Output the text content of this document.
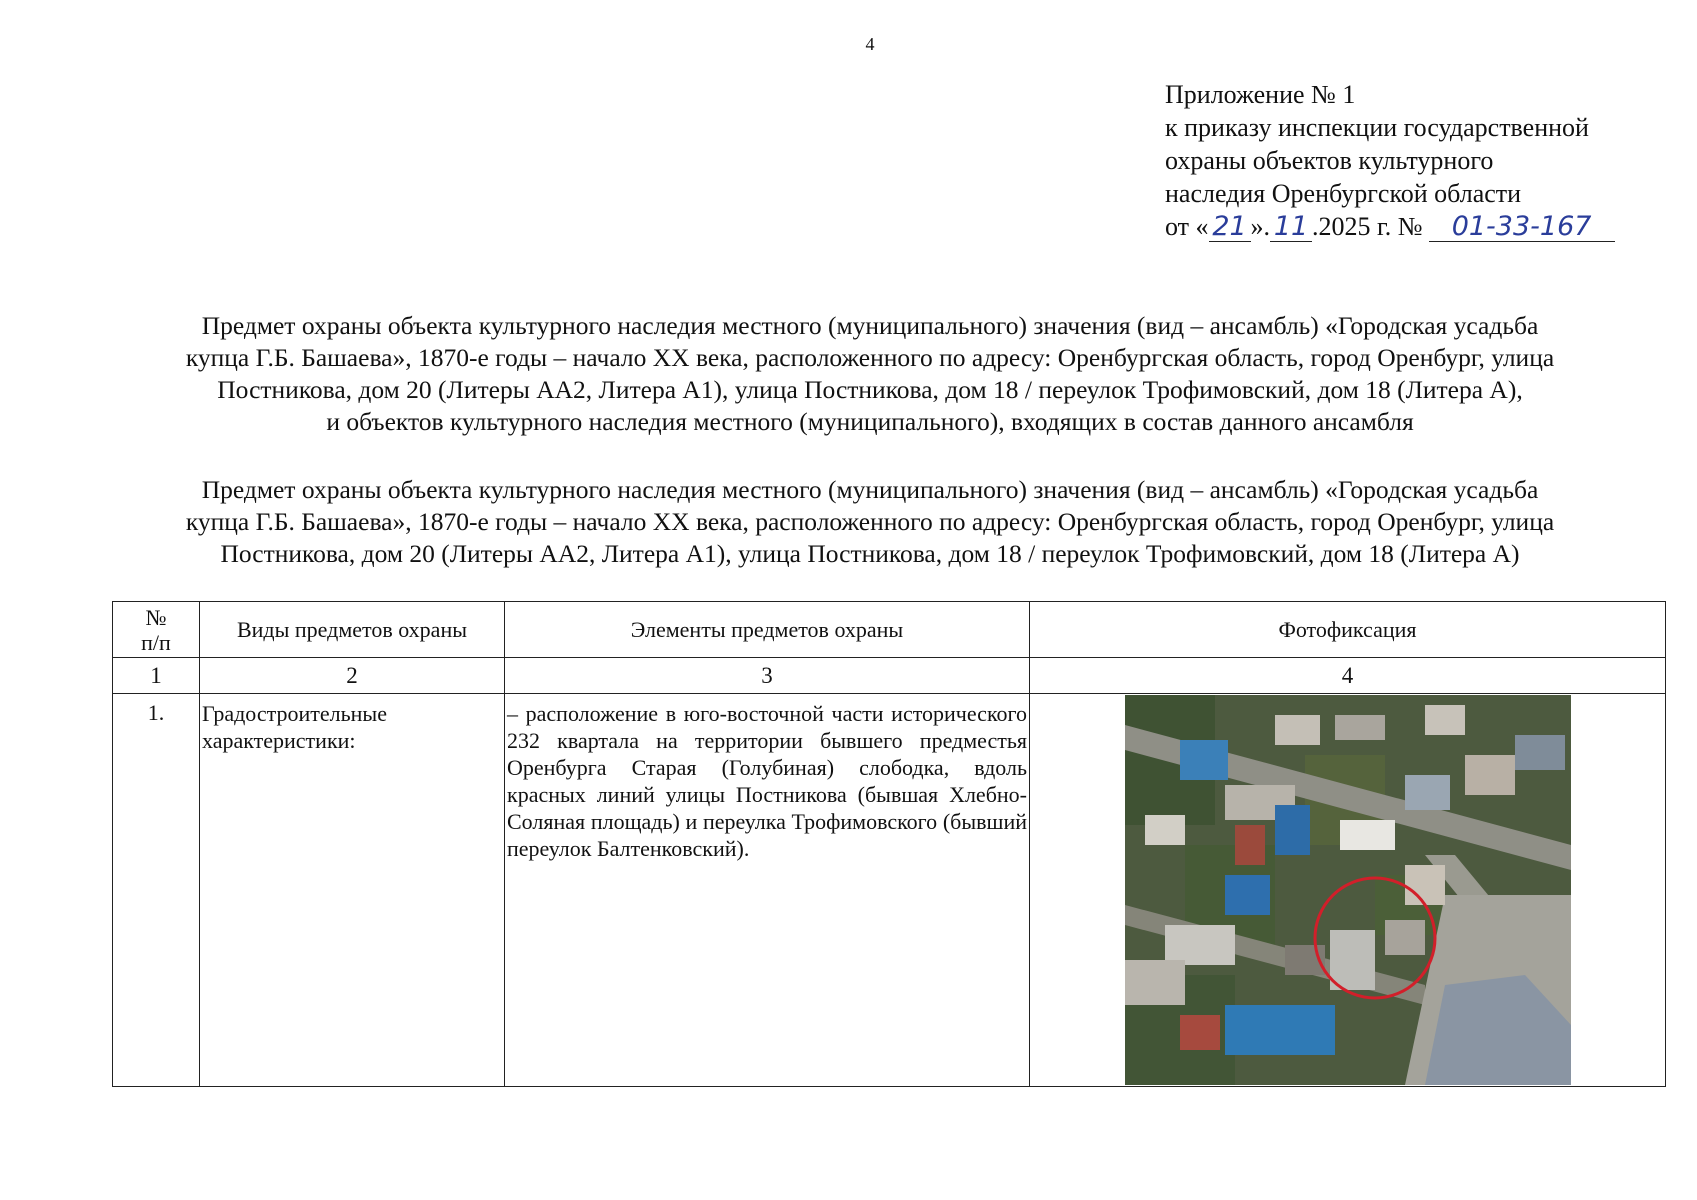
4
Приложение № 1
к приказу инспекции государственной
охраны объектов культурного
наследия Оренбургской области
от « 21 ». 11 .2025 г. № 01-33-167
Предмет охраны объекта культурного наследия местного (муниципального) значения (вид – ансамбль) «Городская усадьба
купца Г.Б. Башаева», 1870-е годы – начало XX века, расположенного по адресу: Оренбургская область, город Оренбург, улица
Постникова, дом 20 (Литеры АА2, Литера А1), улица Постникова, дом 18 / переулок Трофимовский, дом 18 (Литера А),
и объектов культурного наследия местного (муниципального), входящих в состав данного ансамбля
Предмет охраны объекта культурного наследия местного (муниципального) значения (вид – ансамбль) «Городская усадьба
купца Г.Б. Башаева», 1870-е годы – начало XX века, расположенного по адресу: Оренбургская область, город Оренбург, улица
Постникова, дом 20 (Литеры АА2, Литера А1), улица Постникова, дом 18 / переулок Трофимовский, дом 18 (Литера А)
№
п/п	Виды предметов охраны	Элементы предметов охраны	Фотофиксация
1	2	3	4
1.	Градостроительные характеристики:	– расположение в юго-восточной части исторического 232 квартала на территории бывшего предместья Оренбурга Старая (Голубиная) слободка, вдоль красных линий улицы Постникова (бывшая Хлебно-Соляная площадь) и переулка Трофимовского (бывший переулок Балтенковский).	
